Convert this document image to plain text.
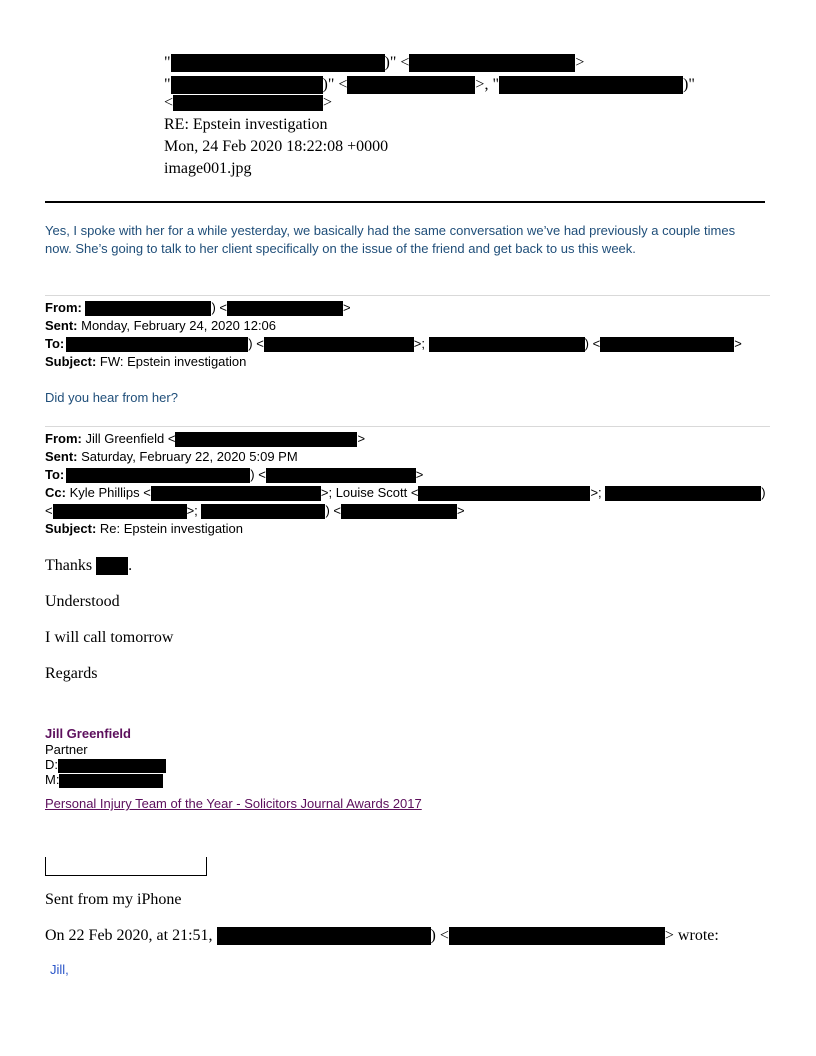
"	)" <	>
"	)" <	>, "	)"
<	>
RE: Epstein investigation
Mon, 24 Feb 2020 18:22:08 +0000
image001.jpg
Yes, I spoke with her for a while yesterday, we basically had the same conversation we’ve had previously a couple times
now. She’s going to talk to her client specifically on the issue of the friend and get back to us this week.
From:	) <	>
Sent: Monday, February 24, 2020 12:06
To:	) <	>;	) <	>
Subject: FW: Epstein investigation
Did you hear from her?
From: Jill Greenfield <	>
Sent: Saturday, February 22, 2020 5:09 PM
To:	) <	>
Cc: Kyle Phillips <	>; Louise Scott <	>;	)
<	>;	) <	>
Subject: Re: Epstein investigation
Thanks .
Understood
I will call tomorrow
Regards
Jill Greenfield
Partner
D:
M:
Personal Injury Team of the Year - Solicitors Journal Awards 2017
Sent from my iPhone
On 22 Feb 2020, at 21:51,	) <	> wrote:
Jill,
